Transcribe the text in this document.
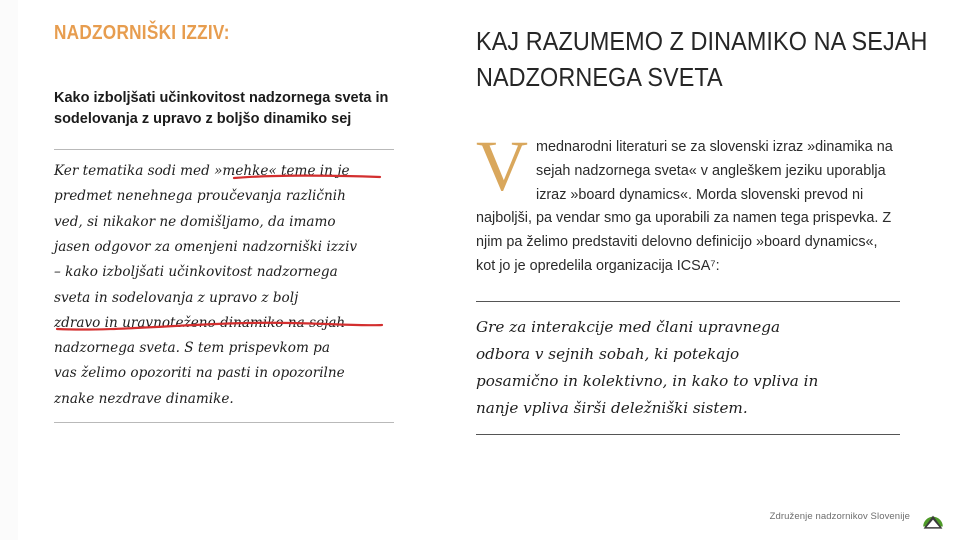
NADZORNIŠKI IZZIV:
Kako izboljšati učinkovitost nadzornega sveta in sodelovanja z upravo z boljšo dinamiko sej
Ker tematika sodi med »mehke« teme in je
predmet nenehnega proučevanja različnih
ved, si nikakor ne domišljamo, da imamo
jasen odgovor za omenjeni nadzorniški izziv
– kako izboljšati učinkovitost nadzornega
sveta in sodelovanja z upravo z bolj
zdravo in uravnoteženo dinamiko na sejah
nadzornega sveta. S tem prispevkom pa
vas želimo opozoriti na pasti in opozorilne
znake nezdrave dinamike.
KAJ RAZUMEMO Z DINAMIKO NA SEJAH
NADZORNEGA SVETA
V mednarodni literaturi se za slovenski izraz »dinamika na sejah nadzornega sveta« v angleškem jeziku uporablja izraz »board dynamics«. Morda slovenski prevod ni najboljši, pa vendar smo ga uporabili za namen tega prispevka. Z njim pa želimo predstaviti delovno definicijo »board dynamics«, kot jo je opredelila organizacija ICSA⁷:
Gre za interakcije med člani upravnega
odbora v sejnih sobah, ki potekajo
posamično in kolektivno, in kako to vpliva in
nanje vpliva širši deležniški sistem.
Združenje nadzornikov Slovenije
